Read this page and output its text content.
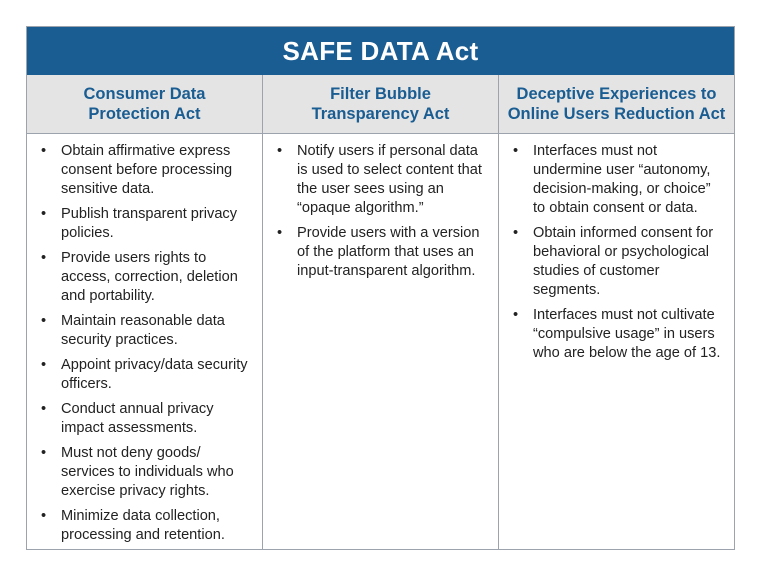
SAFE DATA Act
Consumer Data
Protection Act
Filter Bubble
Transparency Act
Deceptive Experiences to
Online Users Reduction Act
• Obtain affirmative express consent before processing sensitive data.
• Publish transparent privacy policies.
• Provide users rights to access, correction, deletion and portability.
• Maintain reasonable data security practices.
• Appoint privacy/data security officers.
• Conduct annual privacy impact assessments.
• Must not deny goods/ services to individuals who exercise privacy rights.
• Minimize data collection, processing and retention.
• Notify users if personal data is used to select content that the user sees using an “opaque algorithm.”
• Provide users with a version of the platform that uses an input-transparent algorithm.
• Interfaces must not undermine user “autonomy, decision-making, or choice” to obtain consent or data.
• Obtain informed consent for behavioral or psychological studies of customer segments.
• Interfaces must not cultivate “compulsive usage” in users who are below the age of 13.
